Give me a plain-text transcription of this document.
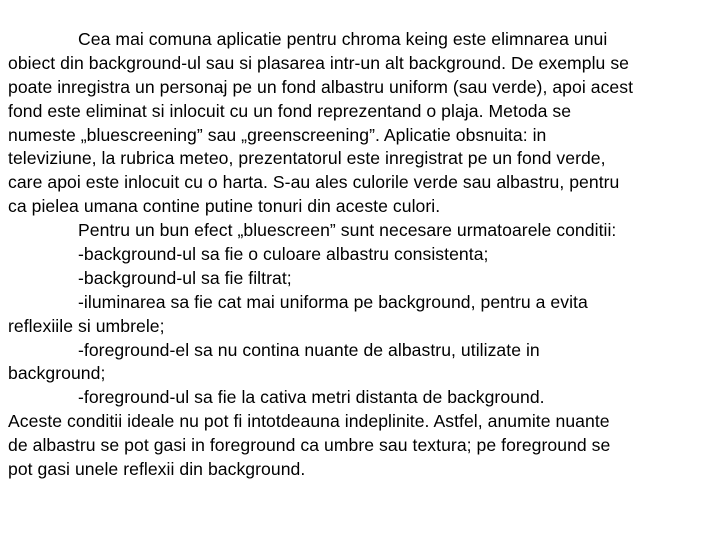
Cea mai comuna aplicatie pentru chroma keing este elimnarea unui
obiect din background-ul sau si plasarea intr-un alt background. De exemplu se
poate inregistra un personaj pe un fond albastru uniform (sau verde), apoi acest
fond este eliminat si inlocuit cu un fond reprezentand o plaja. Metoda se
numeste „bluescreening” sau „greenscreening”. Aplicatie obsnuita: in
televiziune, la rubrica meteo, prezentatorul este inregistrat pe un fond verde,
care apoi este inlocuit cu o harta. S-au ales culorile verde sau albastru, pentru
ca pielea umana contine putine tonuri din aceste culori.
Pentru un bun efect „bluescreen” sunt necesare urmatoarele conditii:
-background-ul sa fie o culoare albastru consistenta;
-background-ul sa fie filtrat;
-iluminarea sa fie cat mai uniforma pe background, pentru a evita
reflexiile si umbrele;
-foreground-el sa nu contina nuante de albastru, utilizate in
background;
-foreground-ul sa fie la cativa metri distanta de background.
Aceste conditii ideale nu pot fi intotdeauna indeplinite. Astfel, anumite nuante
de albastru se pot gasi in foreground ca umbre sau textura; pe foreground se
pot gasi unele reflexii din background.
